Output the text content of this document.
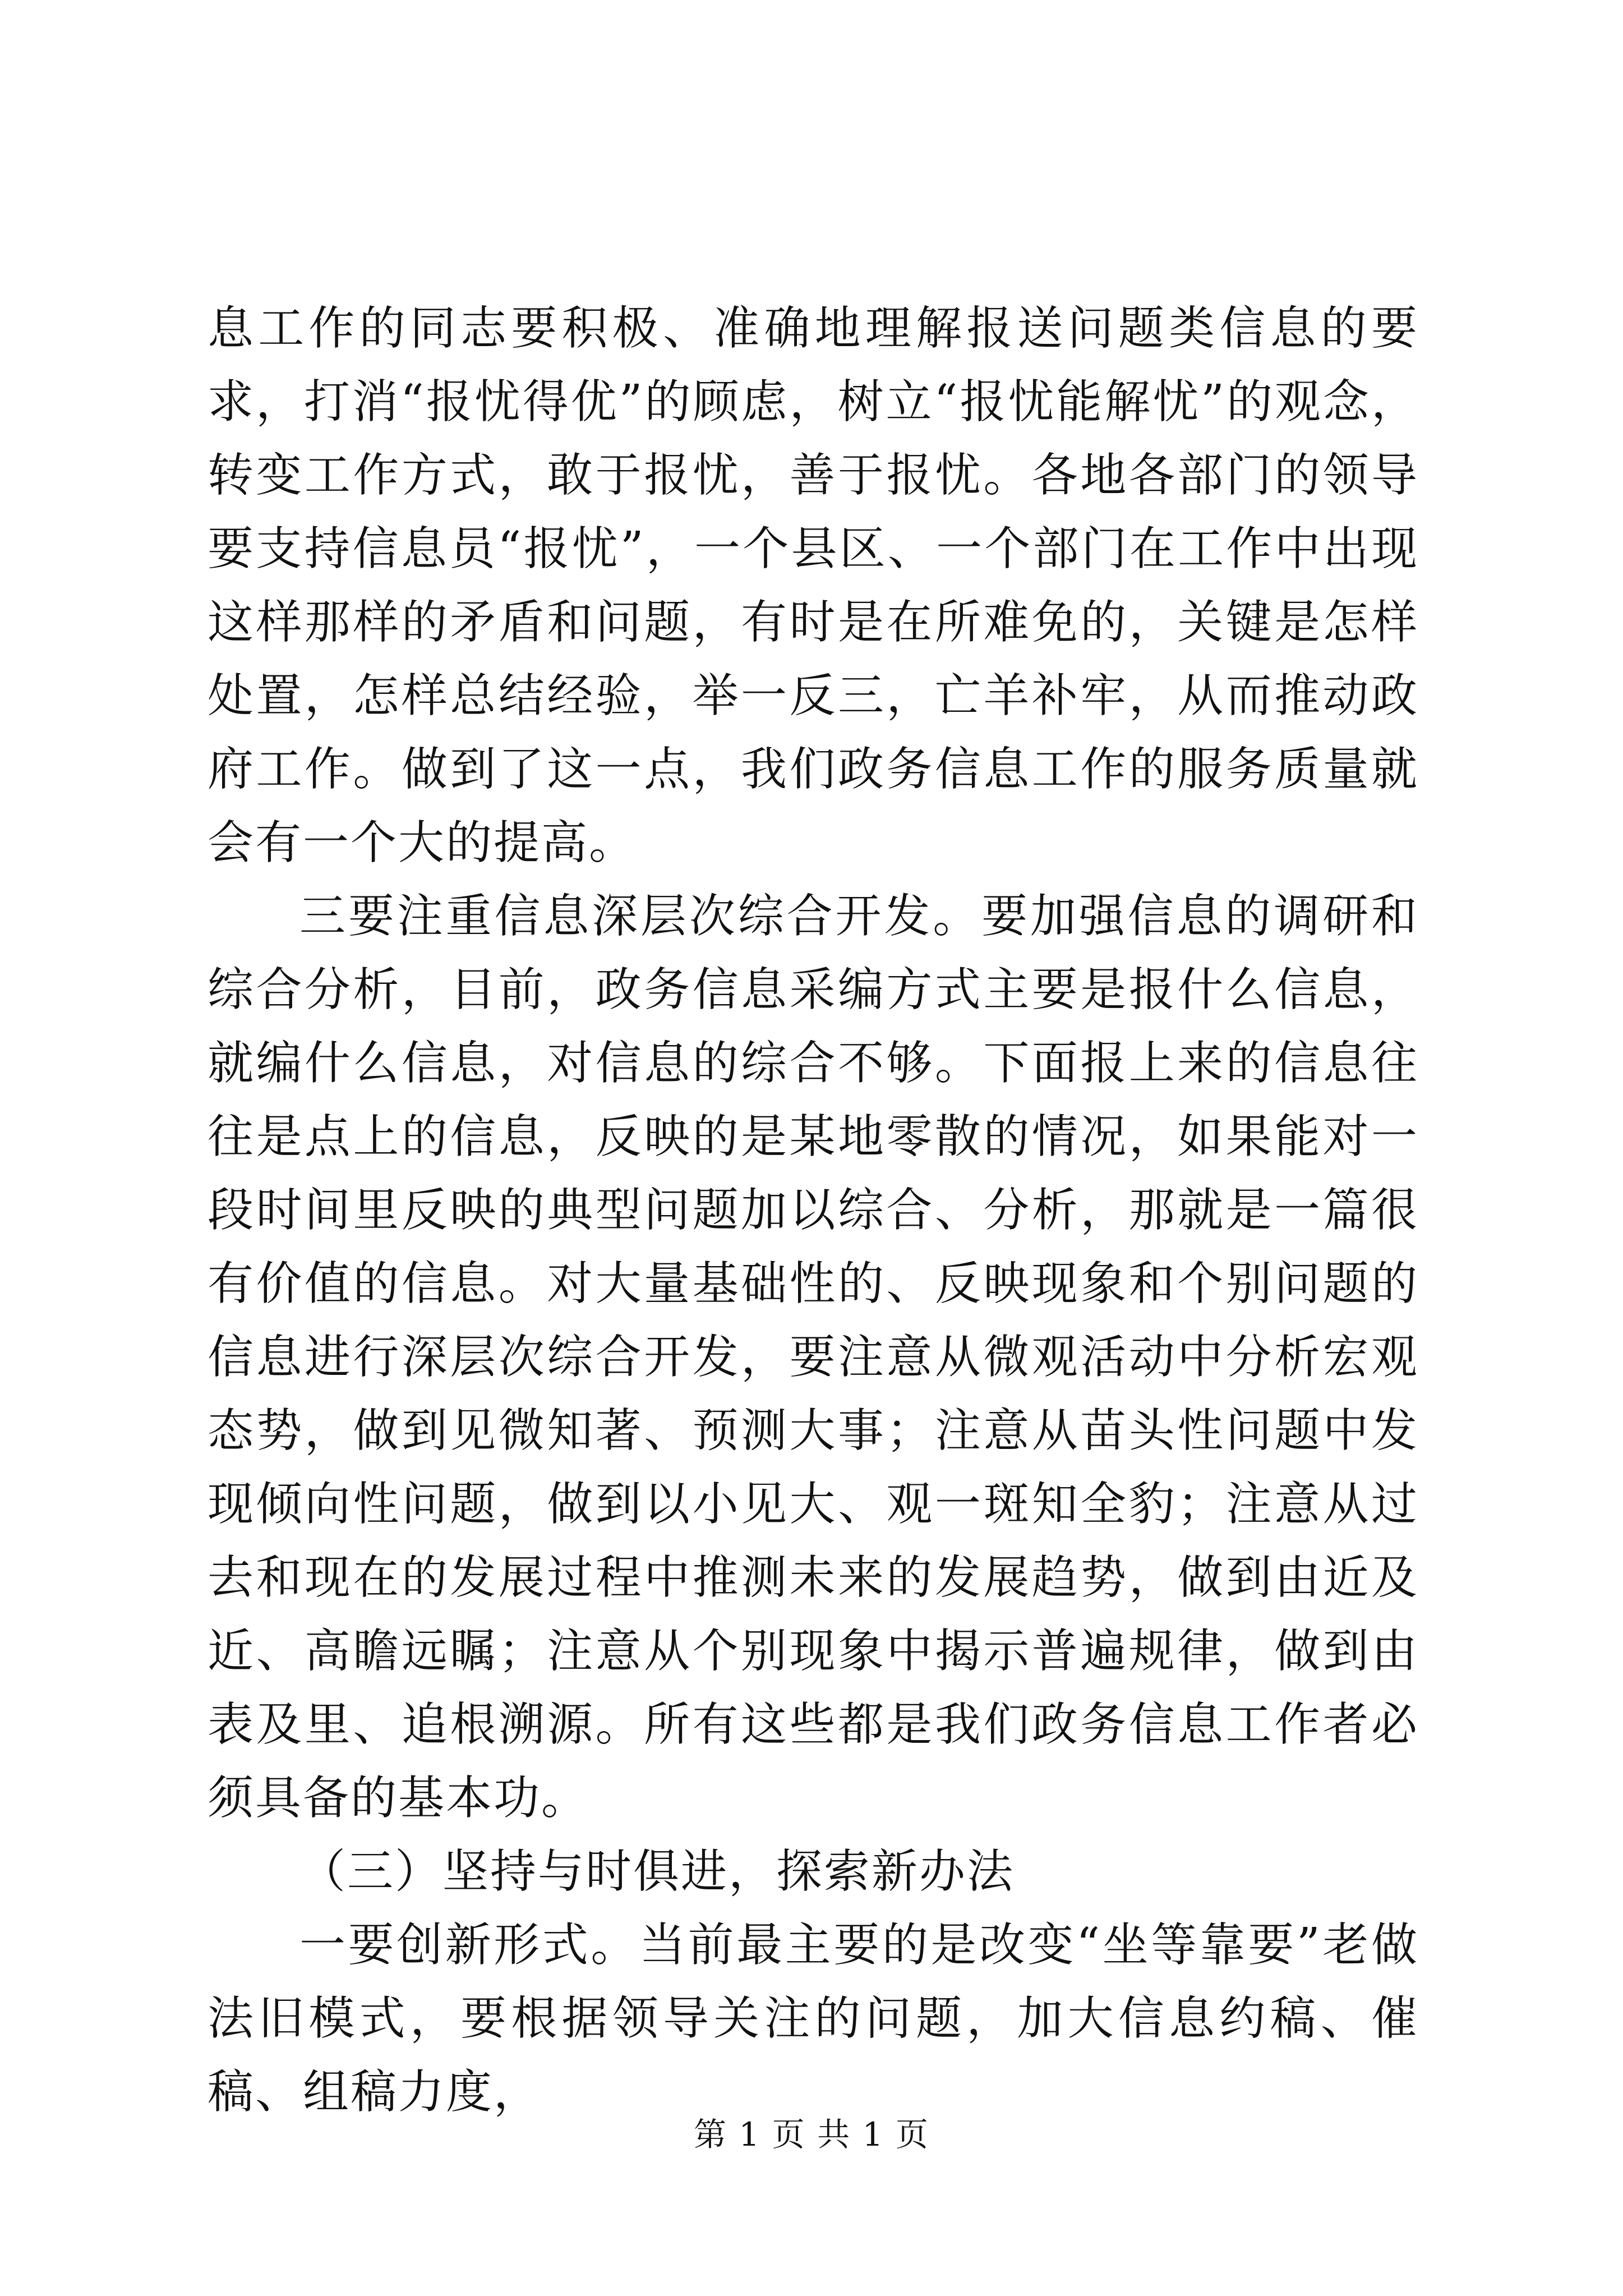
息工作的同志要积极、准确地理解报送问题类信息的要求，打消“报忧得优”的顾虑，树立“报忧能解忧”的观念，转变工作方式，敢于报忧，善于报忧。各地各部门的领导要支持信息员“报忧”，一个县区、一个部门在工作中出现这样那样的矛盾和问题，有时是在所难免的，关键是怎样处置，怎样总结经验，举一反三，亡羊补牢，从而推动政府工作。做到了这一点，我们政务信息工作的服务质量就会有一个大的提高。

三要注重信息深层次综合开发。要加强信息的调研和综合分析，目前，政务信息采编方式主要是报什么信息，就编什么信息，对信息的综合不够。下面报上来的信息往往是点上的信息，反映的是某地零散的情况，如果能对一段时间里反映的典型问题加以综合、分析，那就是一篇很有价值的信息。对大量基础性的、反映现象和个别问题的信息进行深层次综合开发，要注意从微观活动中分析宏观态势，做到见微知著、预测大事；注意从苗头性问题中发现倾向性问题，做到以小见大、观一斑知全豹；注意从过去和现在的发展过程中推测未来的发展趋势，做到由近及近、高瞻远瞩；注意从个别现象中揭示普遍规律，做到由表及里、追根溯源。所有这些都是我们政务信息工作者必须具备的基本功。

（三）坚持与时俱进，探索新办法

一要创新形式。当前最主要的是改变“坐等靠要”老做法旧模式，要根据领导关注的问题，加大信息约稿、催稿、组稿力度，

第 1 页 共 1 页
